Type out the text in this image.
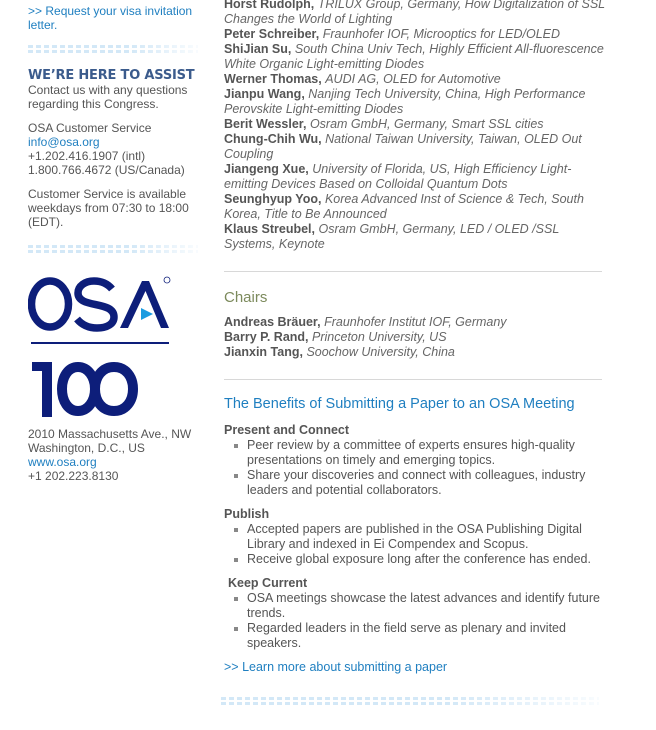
>> Request your visa invitation letter.
WE’RE HERE TO ASSIST
Contact us with any questions regarding this Congress.
OSA Customer Service
info@osa.org
+1.202.416.1907 (intl)
1.800.766.4672 (US/Canada)
Customer Service is available weekdays from 07:30 to 18:00 (EDT).
2010 Massachusetts Ave., NW
Washington, D.C., US
www.osa.org
+1 202.223.8130
Horst Rudolph, TRILUX Group, Germany, How Digitalization of SSL Changes the World of Lighting
Peter Schreiber, Fraunhofer IOF, Microoptics for LED/OLED
ShiJian Su, South China Univ Tech, Highly Efficient All-fluorescence White Organic Light-emitting Diodes
Werner Thomas, AUDI AG, OLED for Automotive
Jianpu Wang, Nanjing Tech University, China, High Performance Perovskite Light-emitting Diodes
Berit Wessler, Osram GmbH, Germany, Smart SSL cities
Chung-Chih Wu, National Taiwan University, Taiwan, OLED Out Coupling
Jiangeng Xue, University of Florida, US, High Efficiency Light-emitting Devices Based on Colloidal Quantum Dots
Seunghyup Yoo, Korea Advanced Inst of Science & Tech, South Korea, Title to Be Announced
Klaus Streubel, Osram GmbH, Germany, LED / OLED /SSL Systems, Keynote
Chairs
Andreas Bräuer, Fraunhofer Institut IOF, Germany
Barry P. Rand, Princeton University, US
Jianxin Tang, Soochow University, China
The Benefits of Submitting a Paper to an OSA Meeting
Present and Connect
Peer review by a committee of experts ensures high-quality presentations on timely and emerging topics.
Share your discoveries and connect with colleagues, industry leaders and potential collaborators.
Publish
Accepted papers are published in the OSA Publishing Digital Library and indexed in Ei Compendex and Scopus.
Receive global exposure long after the conference has ended.
Keep Current
OSA meetings showcase the latest advances and identify future trends.
Regarded leaders in the field serve as plenary and invited speakers.
>> Learn more about submitting a paper
